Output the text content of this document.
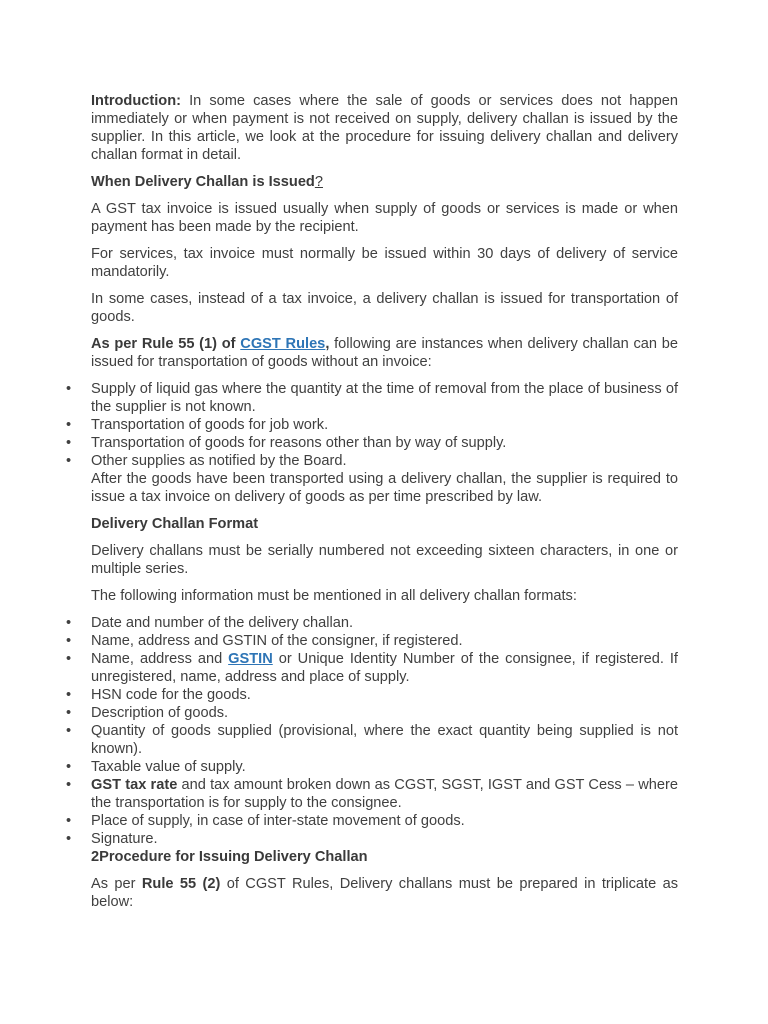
Introduction: In some cases where the sale of goods or services does not happen immediately or when payment is not received on supply, delivery challan is issued by the supplier. In this article, we look at the procedure for issuing delivery challan and delivery challan format in detail.

When Delivery Challan is Issued?

A GST tax invoice is issued usually when supply of goods or services is made or when payment has been made by the recipient.

For services, tax invoice must normally be issued within 30 days of delivery of service mandatorily.

In some cases, instead of a tax invoice, a delivery challan is issued for transportation of goods.

As per Rule 55 (1) of CGST Rules, following are instances when delivery challan can be issued for transportation of goods without an invoice:

• Supply of liquid gas where the quantity at the time of removal from the place of business of the supplier is not known.
• Transportation of goods for job work.
• Transportation of goods for reasons other than by way of supply.
• Other supplies as notified by the Board.

After the goods have been transported using a delivery challan, the supplier is required to issue a tax invoice on delivery of goods as per time prescribed by law.

Delivery Challan Format

Delivery challans must be serially numbered not exceeding sixteen characters, in one or multiple series.

The following information must be mentioned in all delivery challan formats:

• Date and number of the delivery challan.
• Name, address and GSTIN of the consigner, if registered.
• Name, address and GSTIN or Unique Identity Number of the consignee, if registered. If unregistered, name, address and place of supply.
• HSN code for the goods.
• Description of goods.
• Quantity of goods supplied (provisional, where the exact quantity being supplied is not known).
• Taxable value of supply.
• GST tax rate and tax amount broken down as CGST, SGST, IGST and GST Cess – where the transportation is for supply to the consignee.
• Place of supply, in case of inter-state movement of goods.
• Signature.

2Procedure for Issuing Delivery Challan

As per Rule 55 (2) of CGST Rules, Delivery challans must be prepared in triplicate as below:
